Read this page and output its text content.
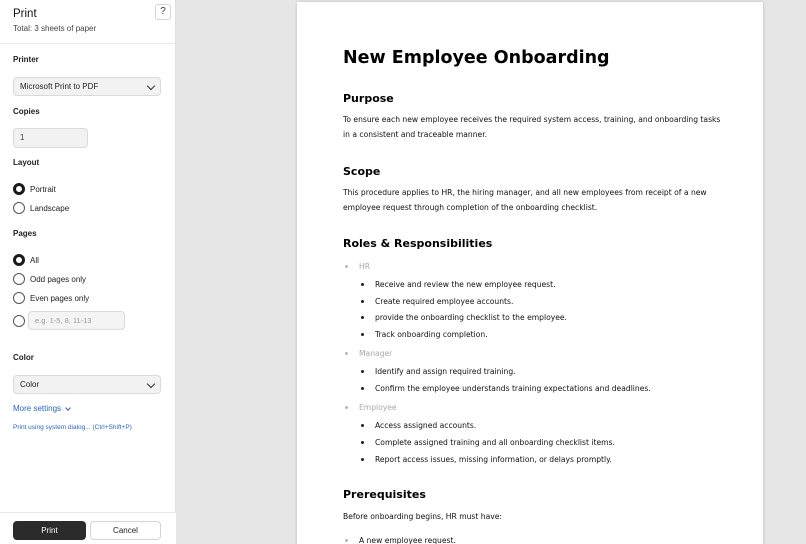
Print
Total: 3 sheets of paper
?
Printer
Microsoft Print to PDF
Copies
1
Layout
Portrait
Landscape
Pages
All
Odd pages only
Even pages only
e.g. 1-5, 8, 11-13
Color
Color
More settings
Print using system dialog... (Ctrl+Shift+P)
Print	Cancel
New Employee Onboarding
Purpose
To ensure each new employee receives the required system access, training, and onboarding tasks in a consistent and traceable manner.
Scope
This procedure applies to HR, the hiring manager, and all new employees from receipt of a new employee request through completion of the onboarding checklist.
Roles & Responsibilities
HR
Receive and review the new employee request.
Create required employee accounts.
provide the onboarding checklist to the employee.
Track onboarding completion.
Manager
Identify and assign required training.
Confirm the employee understands training expectations and deadlines.
Employee
Access assigned accounts.
Complete assigned training and all onboarding checklist items.
Report access issues, missing information, or delays promptly.
Prerequisites
Before onboarding begins, HR must have:
A new employee request.
